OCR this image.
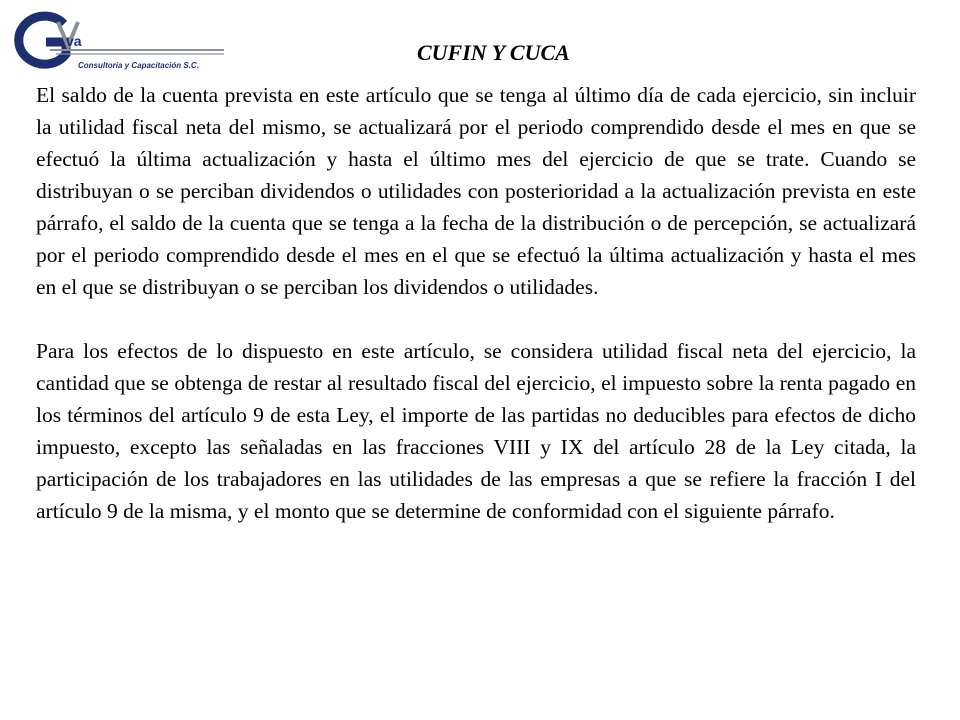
va
Consultoría y Capacitación S.C.
CUFIN Y CUCA

El saldo de la cuenta prevista en este artículo que se tenga al último día de cada ejercicio, sin incluir la utilidad fiscal neta del mismo, se actualizará por el periodo comprendido desde el mes en que se efectuó la última actualización y hasta el último mes del ejercicio de que se trate. Cuando se distribuyan o se perciban dividendos o utilidades con posterioridad a la actualización prevista en este párrafo, el saldo de la cuenta que se tenga a la fecha de la distribución o de percepción, se actualizará por el periodo comprendido desde el mes en el que se efectuó la última actualización y hasta el mes en el que se distribuyan o se perciban los dividendos o utilidades.

Para los efectos de lo dispuesto en este artículo, se considera utilidad fiscal neta del ejercicio, la cantidad que se obtenga de restar al resultado fiscal del ejercicio, el impuesto sobre la renta pagado en los términos del artículo 9 de esta Ley, el importe de las partidas no deducibles para efectos de dicho impuesto, excepto las señaladas en las fracciones VIII y IX del artículo 28 de la Ley citada, la participación de los trabajadores en las utilidades de las empresas a que se refiere la fracción I del artículo 9 de la misma, y el monto que se determine de conformidad con el siguiente párrafo.
